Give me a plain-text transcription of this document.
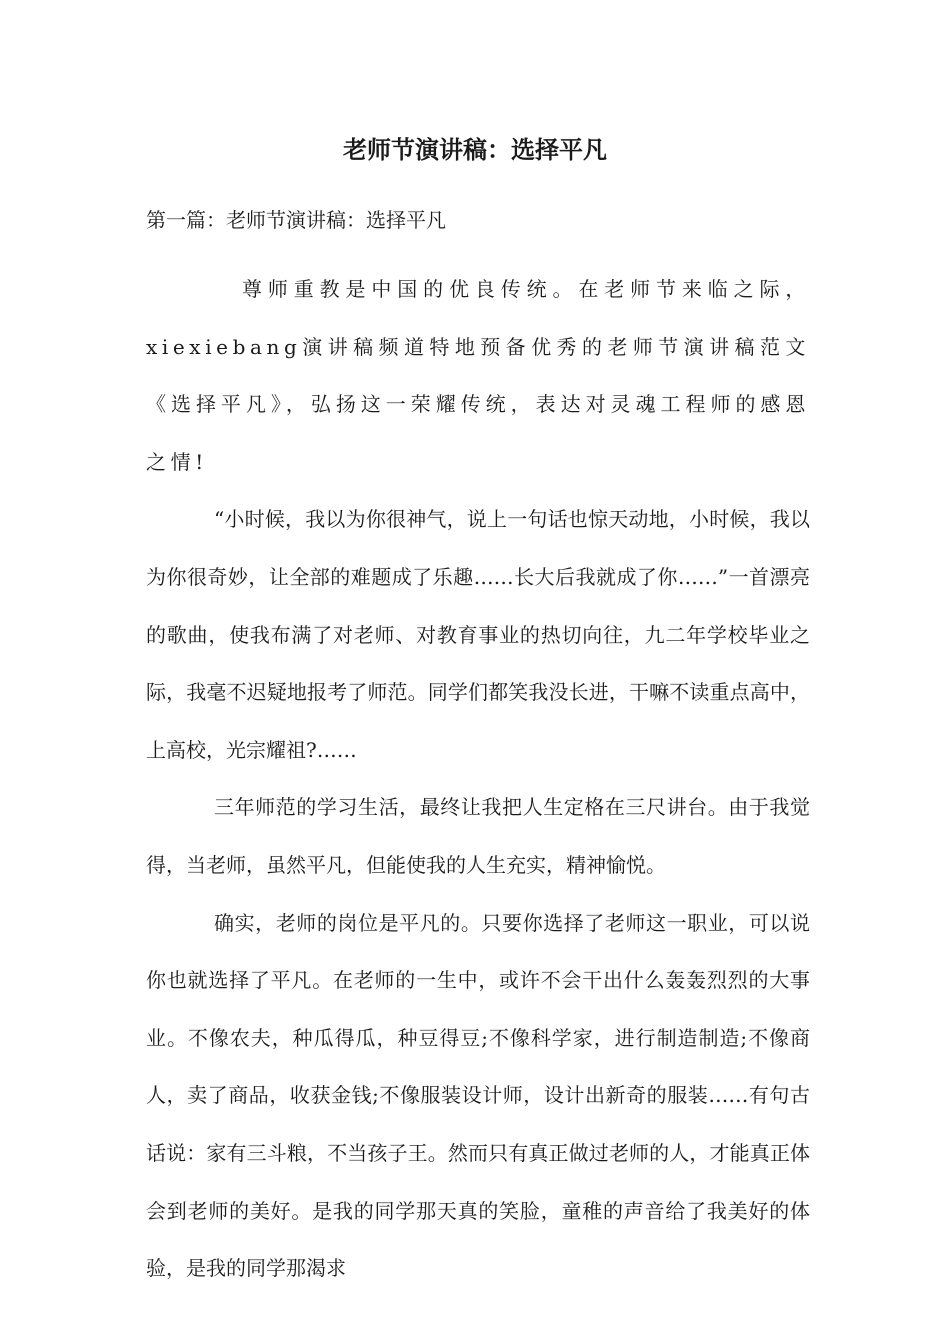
老师节演讲稿：选择平凡

第一篇：老师节演讲稿：选择平凡

尊师重教是中国的优良传统。在老师节来临之际，xiexiebang演讲稿频道特地预备优秀的老师节演讲稿范文《选择平凡》，弘扬这一荣耀传统，表达对灵魂工程师的感恩之情!

“小时候，我以为你很神气，说上一句话也惊天动地，小时候，我以为你很奇妙，让全部的难题成了乐趣……长大后我就成了你……”一首漂亮的歌曲，使我布满了对老师、对教育事业的热切向往，九二年学校毕业之际，我毫不迟疑地报考了师范。同学们都笑我没长进，干嘛不读重点高中，上高校，光宗耀祖?……

三年师范的学习生活，最终让我把人生定格在三尺讲台。由于我觉得，当老师，虽然平凡，但能使我的人生充实，精神愉悦。

确实，老师的岗位是平凡的。只要你选择了老师这一职业，可以说你也就选择了平凡。在老师的一生中，或许不会干出什么轰轰烈烈的大事业。不像农夫，种瓜得瓜，种豆得豆;不像科学家，进行制造制造;不像商人，卖了商品，收获金钱;不像服装设计师，设计出新奇的服装……有句古话说：家有三斗粮，不当孩子王。然而只有真正做过老师的人，才能真正体会到老师的美好。是我的同学那天真的笑脸，童稚的声音给了我美好的体验，是我的同学那渴求
